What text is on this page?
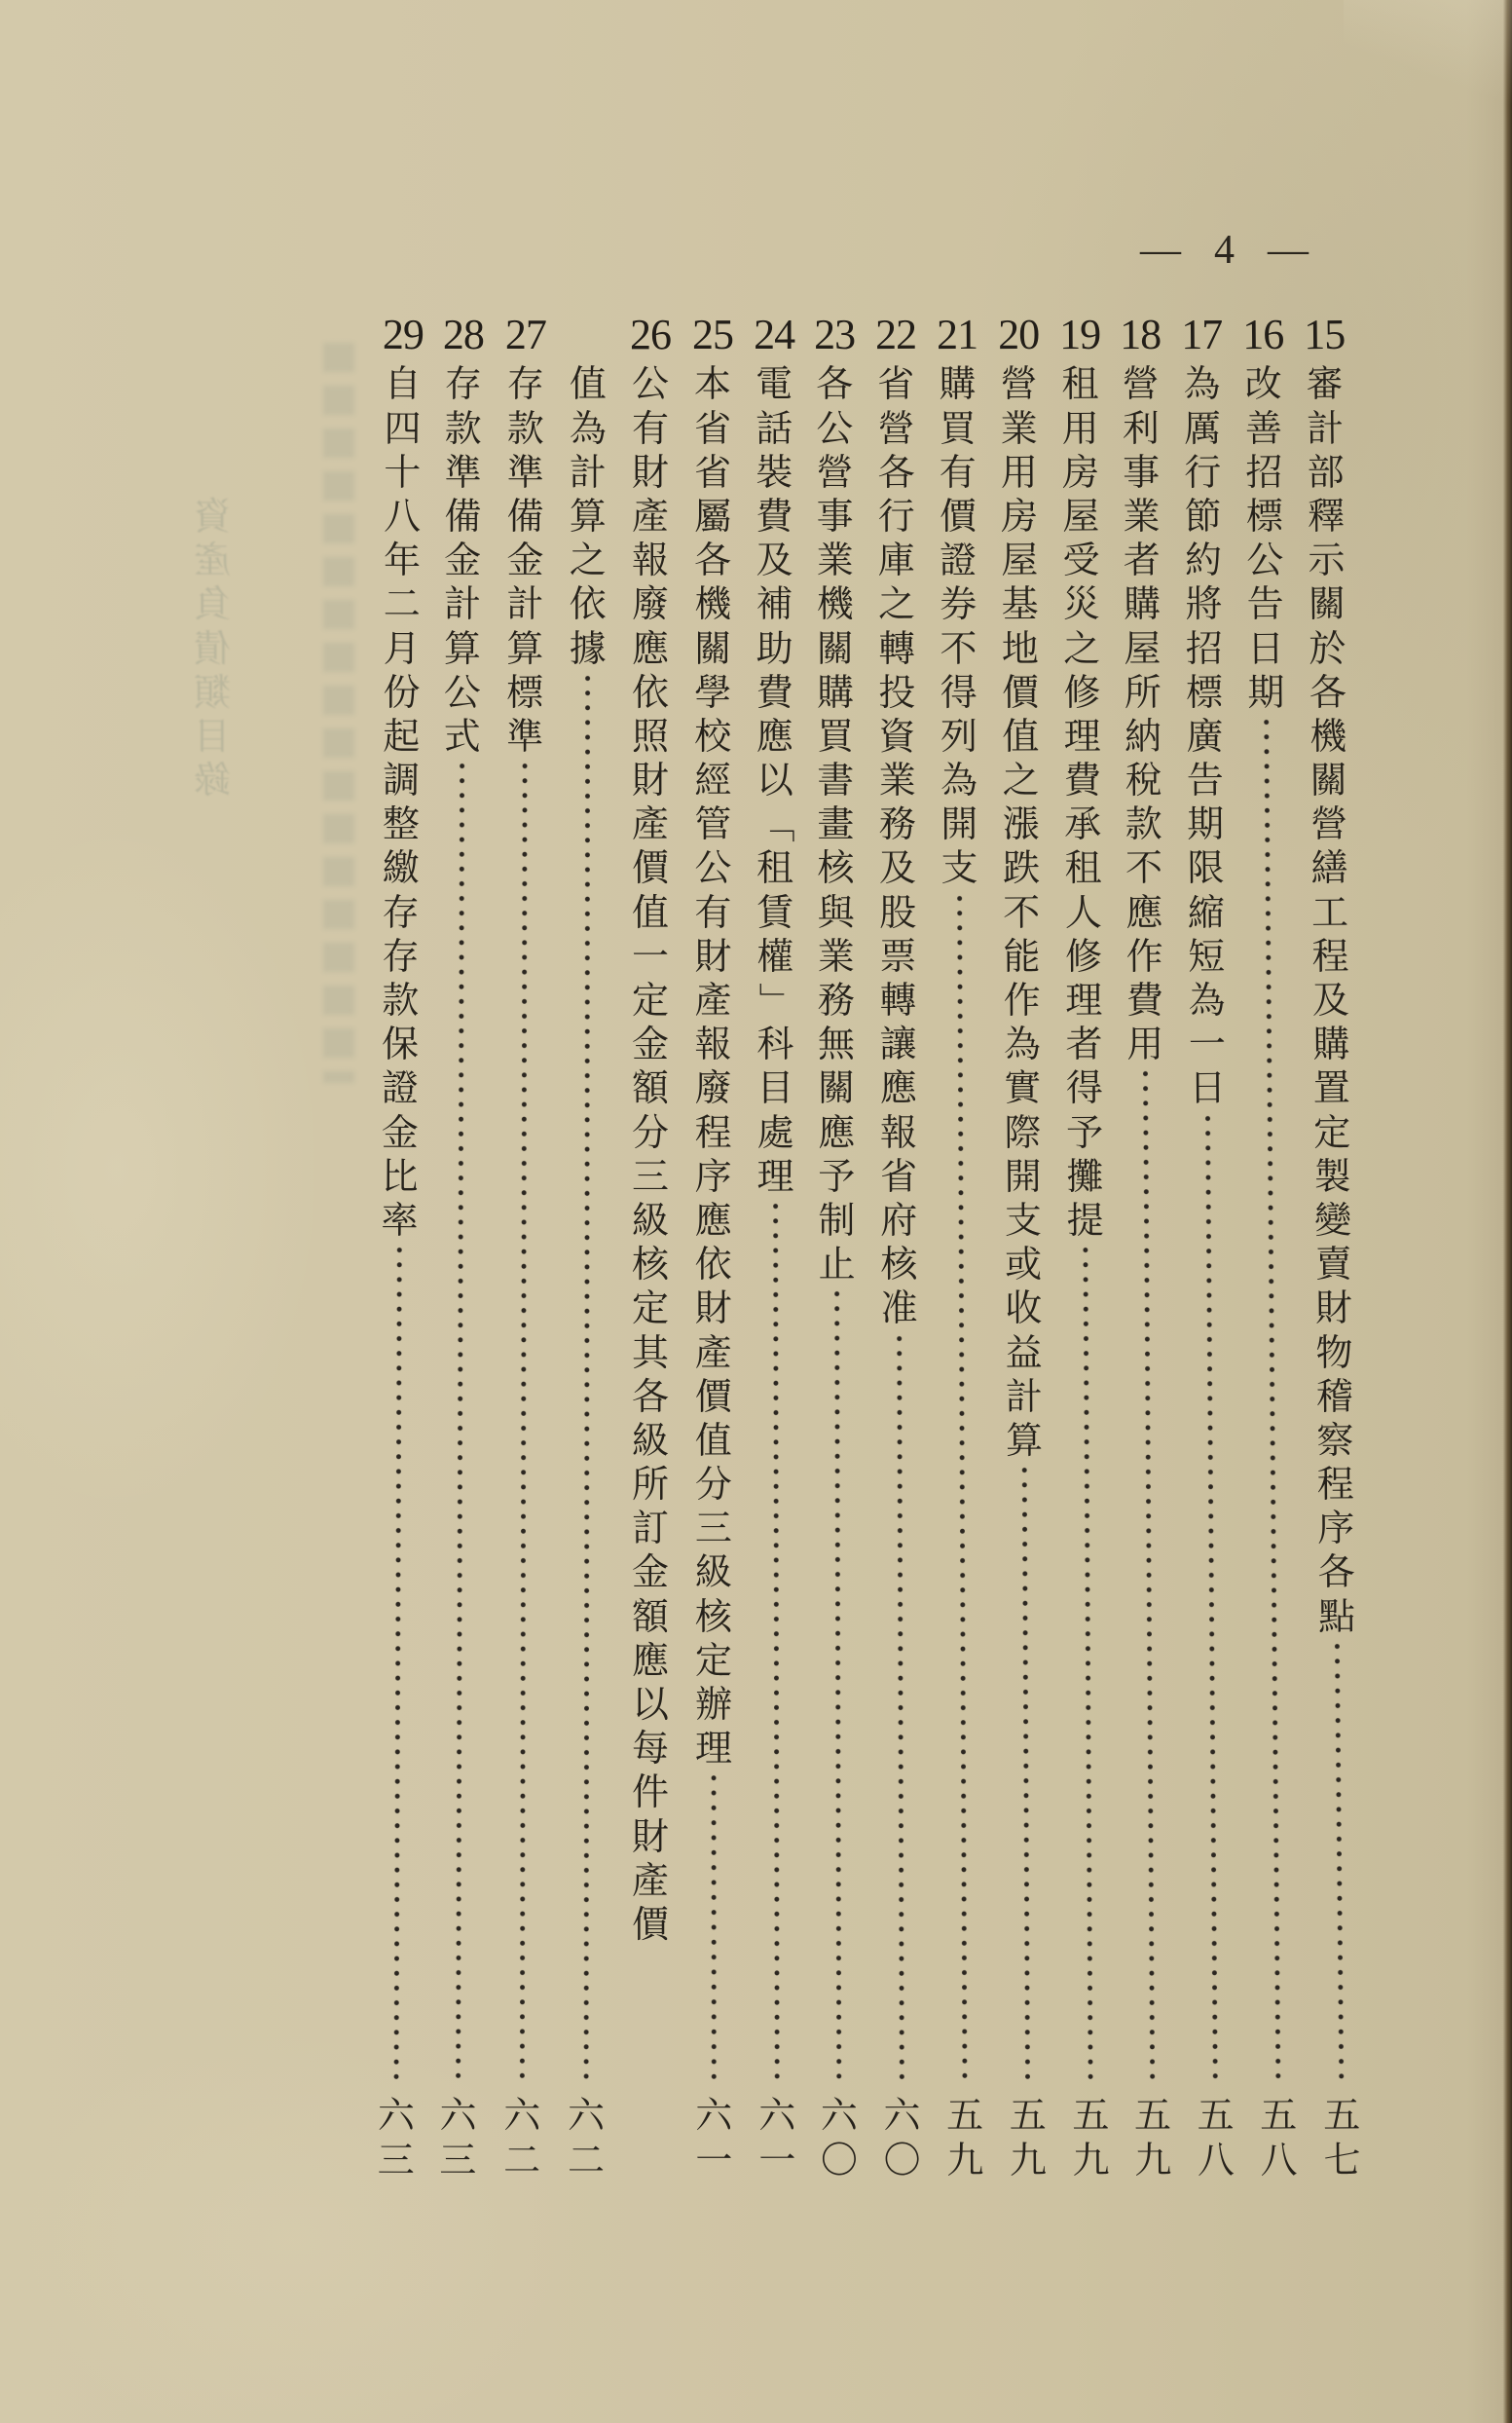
資
產
負
債
類
目
錄
— 4 —
15
審
計
部
釋
示
關
於
各
機
關
營
繕
工
程
及
購
置
定
製
變
賣
財
物
稽
察
程
序
各
點
五
七
16
改
善
招
標
公
告
日
期
五
八
17
為
厲
行
節
約
將
招
標
廣
告
期
限
縮
短
為
一
日
五
八
18
營
利
事
業
者
購
屋
所
納
稅
款
不
應
作
費
用
五
九
19
租
用
房
屋
受
災
之
修
理
費
承
租
人
修
理
者
得
予
攤
提
五
九
20
營
業
用
房
屋
基
地
價
值
之
漲
跌
不
能
作
為
實
際
開
支
或
收
益
計
算
五
九
21
購
買
有
價
證
券
不
得
列
為
開
支
五
九
22
省
營
各
行
庫
之
轉
投
資
業
務
及
股
票
轉
讓
應
報
省
府
核
准
六
〇
23
各
公
營
事
業
機
關
購
買
書
畫
核
與
業
務
無
關
應
予
制
止
六
〇
24
電
話
裝
費
及
補
助
費
應
以
「
租
賃
權
」
科
目
處
理
六
一
25
本
省
省
屬
各
機
關
學
校
經
管
公
有
財
產
報
廢
程
序
應
依
財
產
價
值
分
三
級
核
定
辦
理
六
一
26
公
有
財
產
報
廢
應
依
照
財
產
價
值
一
定
金
額
分
三
級
核
定
其
各
級
所
訂
金
額
應
以
每
件
財
產
價
值
為
計
算
之
依
據
六
二
27
存
款
準
備
金
計
算
標
準
六
二
28
存
款
準
備
金
計
算
公
式
六
三
29
自
四
十
八
年
二
月
份
起
調
整
繳
存
存
款
保
證
金
比
率
六
三
